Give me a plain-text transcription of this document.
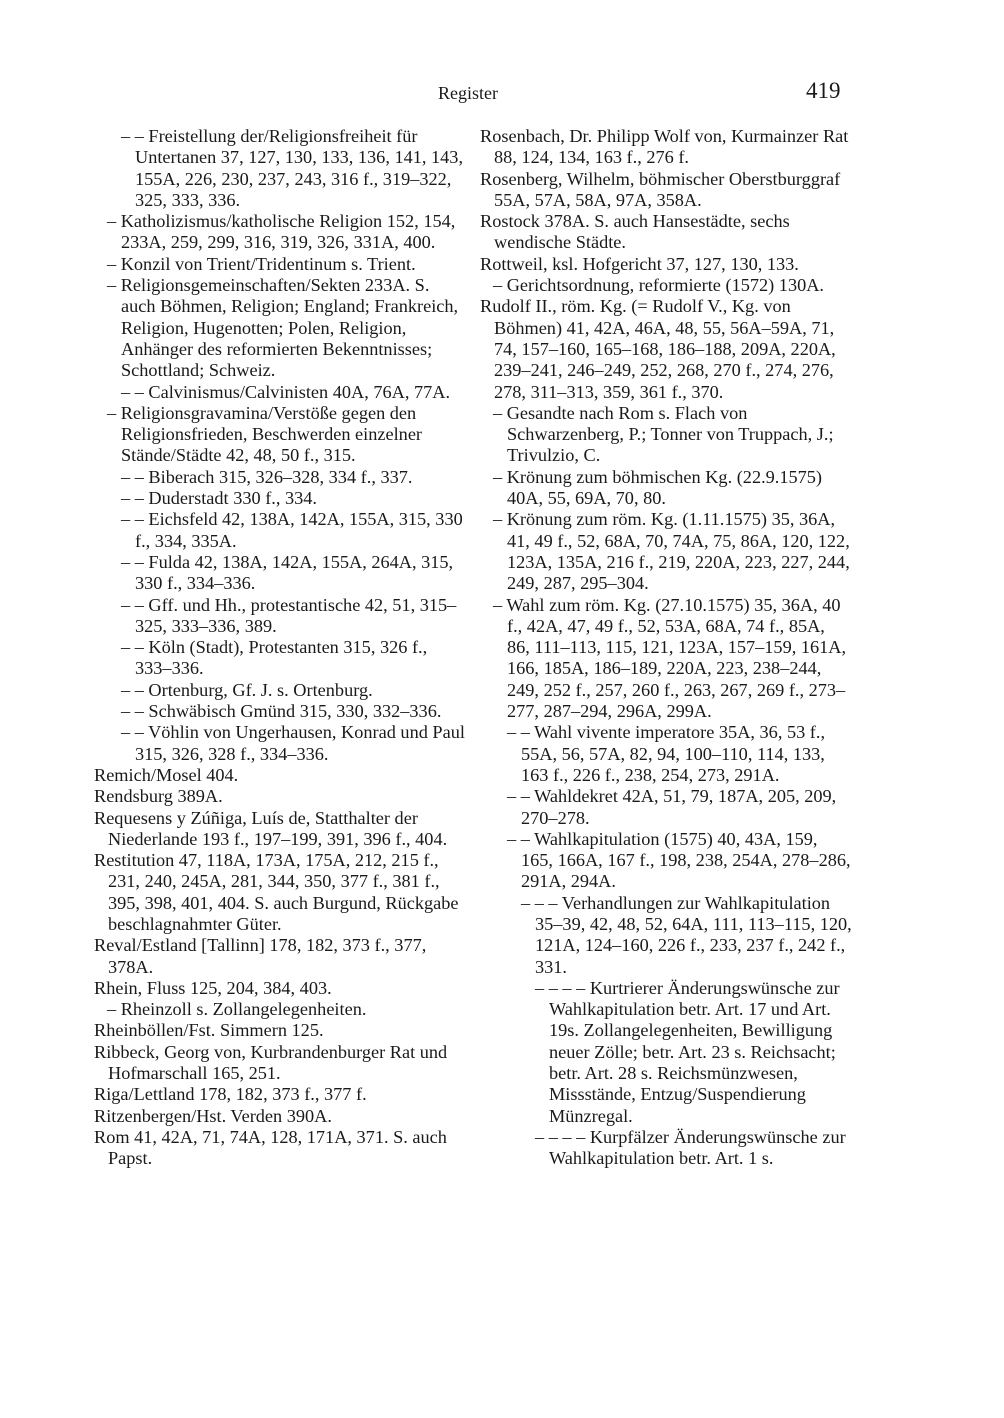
Register	419

– – Freistellung der/Religionsfreiheit für Untertanen 37, 127, 130, 133, 136, 141, 143, 155A, 226, 230, 237, 243, 316 f., 319–322, 325, 333, 336.

– Katholizismus/katholische Religion 152, 154, 233A, 259, 299, 316, 319, 326, 331A, 400.

– Konzil von Trient/Tridentinum s. Trient.

– Religionsgemeinschaften/Sekten 233A. S. auch Böhmen, Religion; England; Frankreich, Religion, Hugenotten; Polen, Religion, Anhänger des reformierten Bekenntnisses; Schottland; Schweiz.

– – Calvinismus/Calvinisten 40A, 76A, 77A.

– Religionsgravamina/Verstöße gegen den Religionsfrieden, Beschwerden einzelner Stände/Städte 42, 48, 50 f., 315.

– – Biberach 315, 326–328, 334 f., 337.

– – Duderstadt 330 f., 334.

– – Eichsfeld 42, 138A, 142A, 155A, 315, 330 f., 334, 335A.

– – Fulda 42, 138A, 142A, 155A, 264A, 315, 330 f., 334–336.

– – Gff. und Hh., protestantische 42, 51, 315–325, 333–336, 389.

– – Köln (Stadt), Protestanten 315, 326 f., 333–336.

– – Ortenburg, Gf. J. s. Ortenburg.

– – Schwäbisch Gmünd 315, 330, 332–336.

– – Vöhlin von Ungerhausen, Konrad und Paul 315, 326, 328 f., 334–336.

Remich/Mosel 404.

Rendsburg 389A.

Requesens y Zúñiga, Luís de, Statthalter der Niederlande 193 f., 197–199, 391, 396 f., 404.

Restitution 47, 118A, 173A, 175A, 212, 215 f., 231, 240, 245A, 281, 344, 350, 377 f., 381 f., 395, 398, 401, 404. S. auch Burgund, Rückgabe beschlagnahmter Güter.

Reval/Estland [Tallinn] 178, 182, 373 f., 377, 378A.

Rhein, Fluss 125, 204, 384, 403.

– Rheinzoll s. Zollangelegenheiten.

Rheinböllen/Fst. Simmern 125.

Ribbeck, Georg von, Kurbrandenburger Rat und Hofmarschall 165, 251.

Riga/Lettland 178, 182, 373 f., 377 f.

Ritzenbergen/Hst. Verden 390A.

Rom 41, 42A, 71, 74A, 128, 171A, 371. S. auch Papst.

Rosenbach, Dr. Philipp Wolf von, Kurmainzer Rat 88, 124, 134, 163 f., 276 f.

Rosenberg, Wilhelm, böhmischer Oberstburggraf 55A, 57A, 58A, 97A, 358A.

Rostock 378A. S. auch Hansestädte, sechs wendische Städte.

Rottweil, ksl. Hofgericht 37, 127, 130, 133.

– Gerichtsordnung, reformierte (1572) 130A.

Rudolf II., röm. Kg. (= Rudolf V., Kg. von Böhmen) 41, 42A, 46A, 48, 55, 56A–59A, 71, 74, 157–160, 165–168, 186–188, 209A, 220A, 239–241, 246–249, 252, 268, 270 f., 274, 276, 278, 311–313, 359, 361 f., 370.

– Gesandte nach Rom s. Flach von Schwarzenberg, P.; Tonner von Truppach, J.; Trivulzio, C.

– Krönung zum böhmischen Kg. (22.9.1575) 40A, 55, 69A, 70, 80.

– Krönung zum röm. Kg. (1.11.1575) 35, 36A, 41, 49 f., 52, 68A, 70, 74A, 75, 86A, 120, 122, 123A, 135A, 216 f., 219, 220A, 223, 227, 244, 249, 287, 295–304.

– Wahl zum röm. Kg. (27.10.1575) 35, 36A, 40 f., 42A, 47, 49 f., 52, 53A, 68A, 74 f., 85A, 86, 111–113, 115, 121, 123A, 157–159, 161A, 166, 185A, 186–189, 220A, 223, 238–244, 249, 252 f., 257, 260 f., 263, 267, 269 f., 273–277, 287–294, 296A, 299A.

– – Wahl vivente imperatore 35A, 36, 53 f., 55A, 56, 57A, 82, 94, 100–110, 114, 133, 163 f., 226 f., 238, 254, 273, 291A.

– – Wahldekret 42A, 51, 79, 187A, 205, 209, 270–278.

– – Wahlkapitulation (1575) 40, 43A, 159, 165, 166A, 167 f., 198, 238, 254A, 278–286, 291A, 294A.

– – – Verhandlungen zur Wahlkapitulation 35–39, 42, 48, 52, 64A, 111, 113–115, 120, 121A, 124–160, 226 f., 233, 237 f., 242 f., 331.

– – – – Kurtrierer Änderungswünsche zur Wahlkapitulation betr. Art. 17 und Art. 19s. Zollangelegenheiten, Bewilligung neuer Zölle; betr. Art. 23 s. Reichsacht; betr. Art. 28 s. Reichsmünzwesen, Missstände, Entzug/Suspendierung Münzregal.

– – – – Kurpfälzer Änderungswünsche zur Wahlkapitulation betr. Art. 1 s.
